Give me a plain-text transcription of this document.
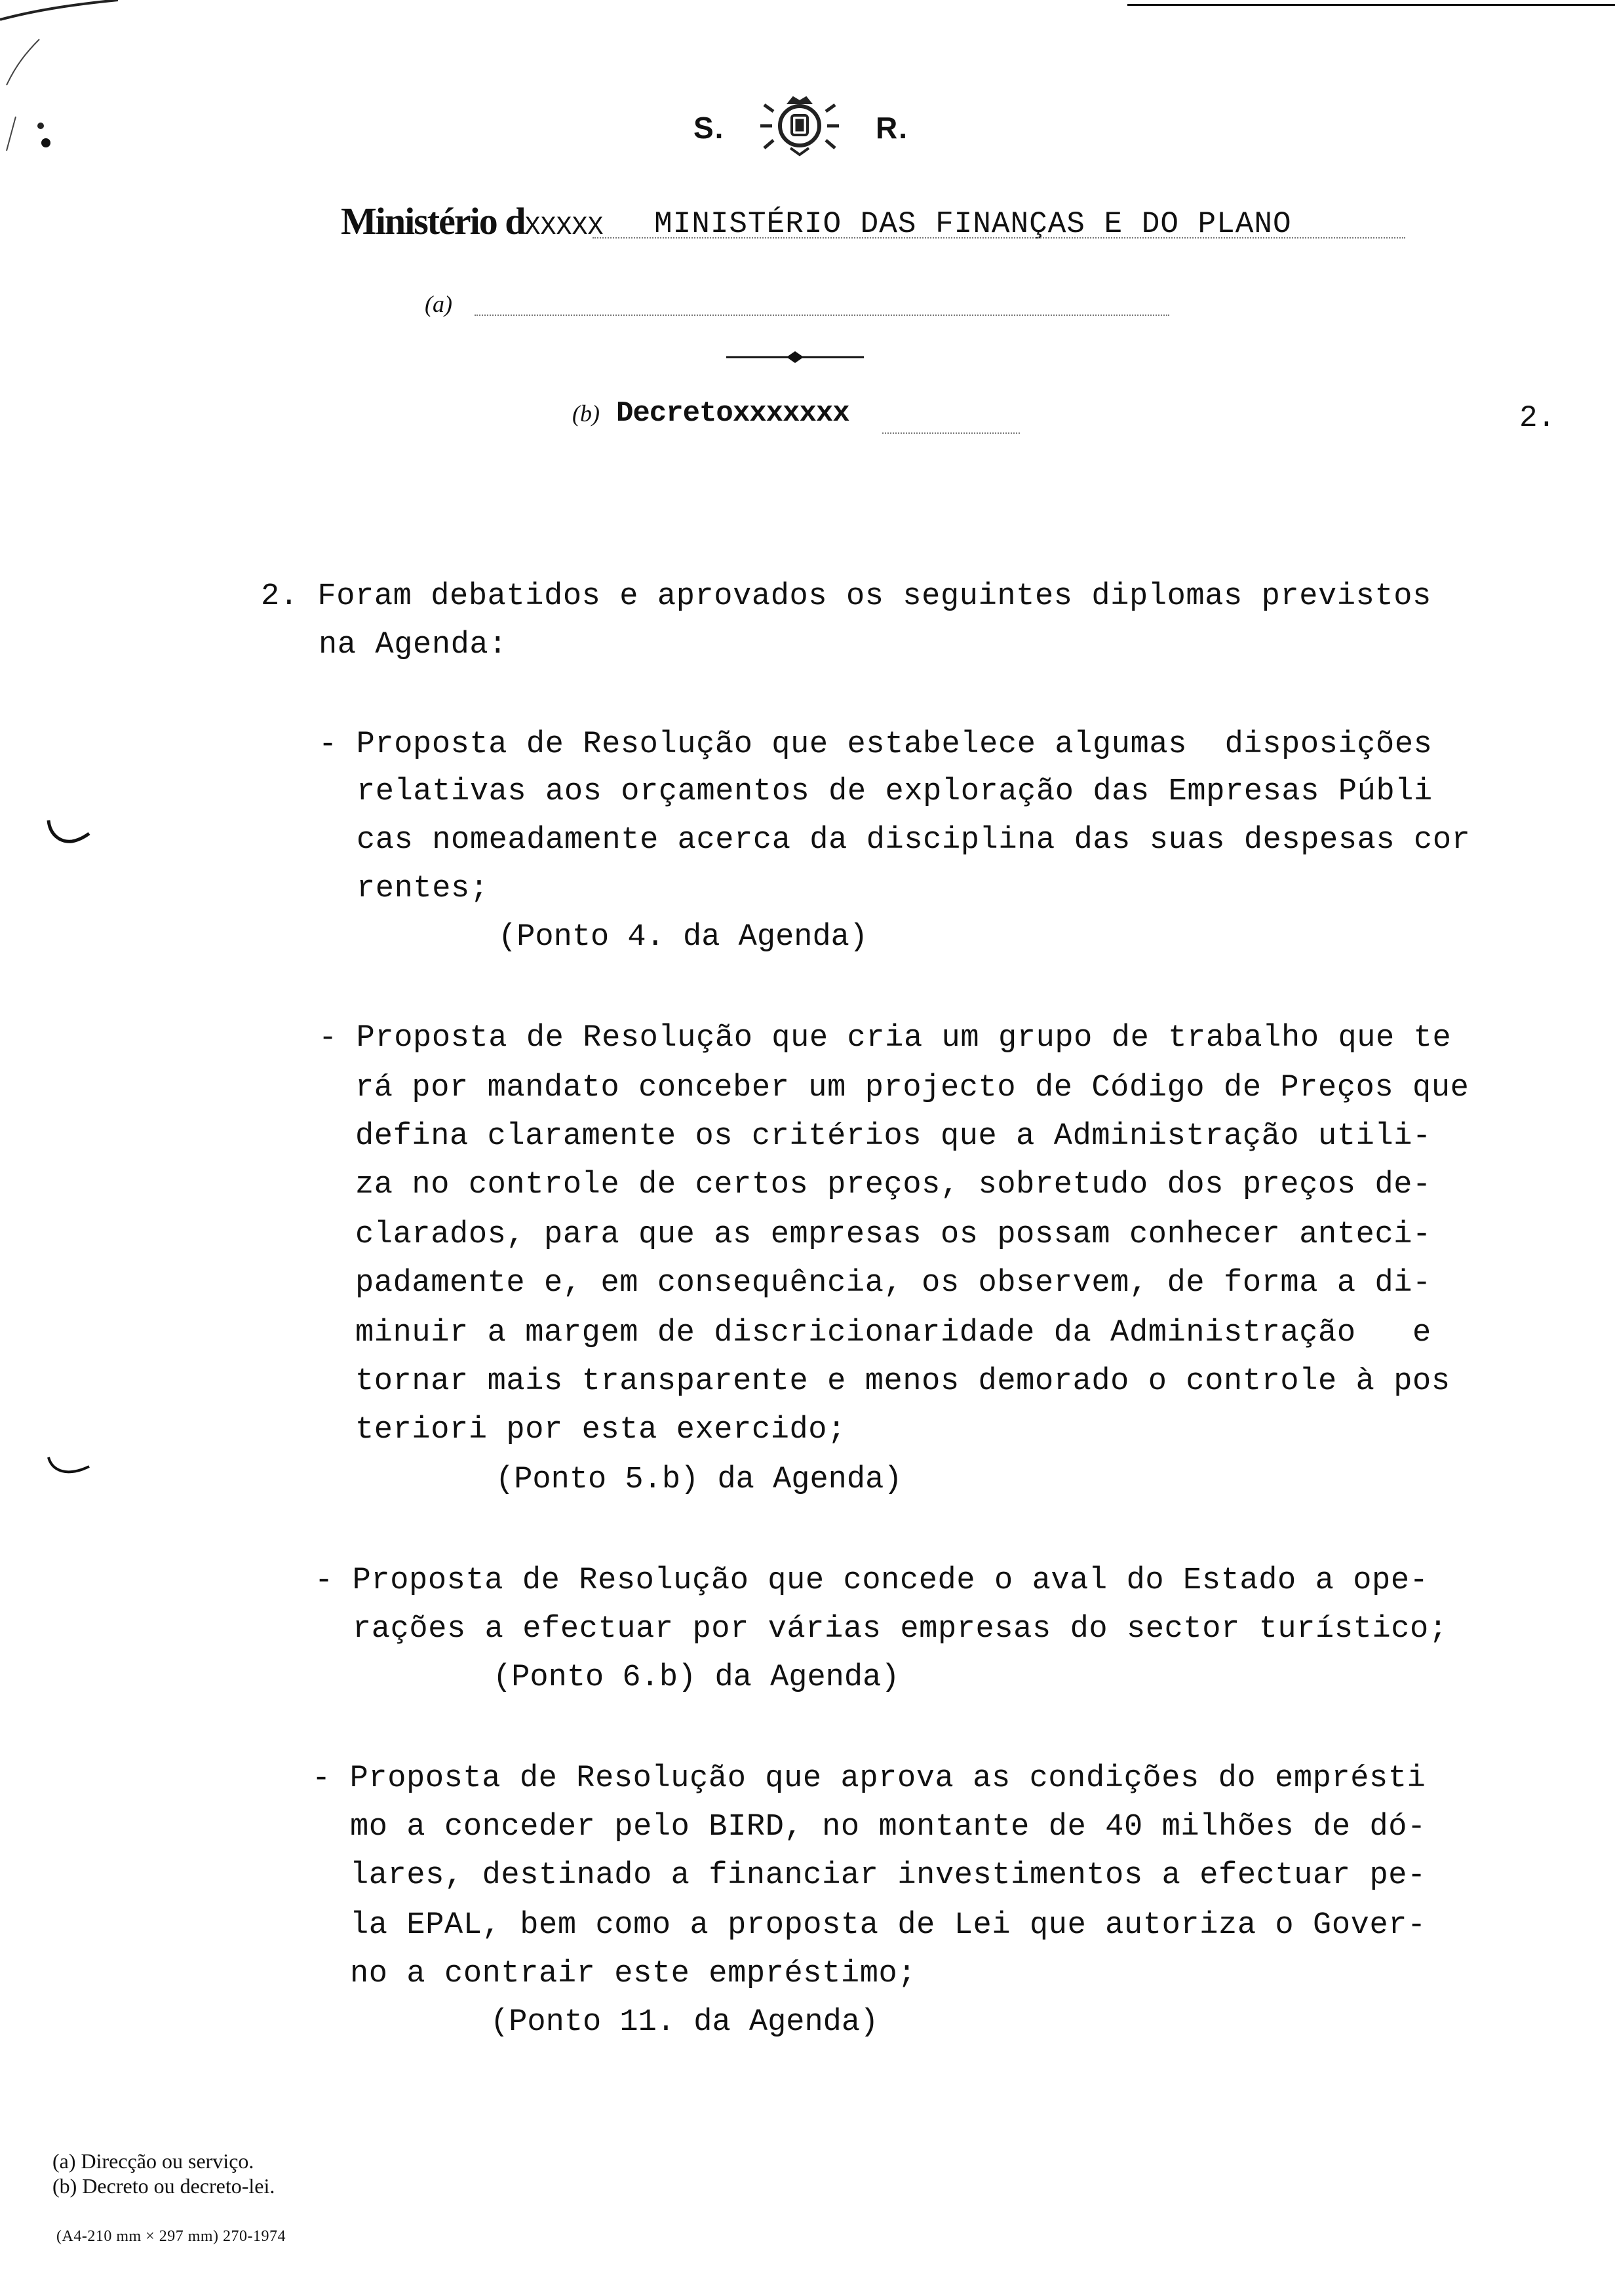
S.	R.
Ministério dXXXXX MINISTÉRIO DAS FINANÇAS E DO PLANO
(a)
(b) Decretoxxxxxxx	2.
2. Foram debatidos e aprovados os seguintes diplomas previstos
na Agenda:
- Proposta de Resolução que estabelece algumas  disposições
relativas aos orçamentos de exploração das Empresas Públi
cas nomeadamente acerca da disciplina das suas despesas cor
rentes;
(Ponto 4. da Agenda)
- Proposta de Resolução que cria um grupo de trabalho que te
rá por mandato conceber um projecto de Código de Preços que
defina claramente os critérios que a Administração utili-
za no controle de certos preços, sobretudo dos preços de-
clarados, para que as empresas os possam conhecer anteci-
padamente e, em consequência, os observem, de forma a di-
minuir a margem de discricionaridade da Administração   e
tornar mais transparente e menos demorado o controle à pos
teriori por esta exercido;
(Ponto 5.b) da Agenda)
- Proposta de Resolução que concede o aval do Estado a ope-
rações a efectuar por várias empresas do sector turístico;
(Ponto 6.b) da Agenda)
- Proposta de Resolução que aprova as condições do emprésti
mo a conceder pelo BIRD, no montante de 40 milhões de dó-
lares, destinado a financiar investimentos a efectuar pe-
la EPAL, bem como a proposta de Lei que autoriza o Gover-
no a contrair este empréstimo;
(Ponto 11. da Agenda)
(a) Direcção ou serviço.
(b) Decreto ou decreto-lei.
(A4-210 mm × 297 mm) 270-1974
